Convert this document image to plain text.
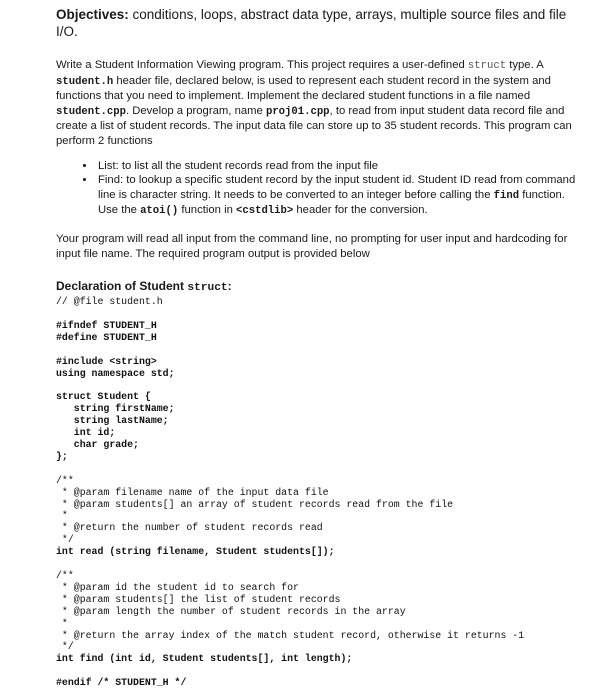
Objectives: conditions, loops, abstract data type, arrays, multiple source files and file I/O.

Write a Student Information Viewing program. This project requires a user-defined struct type. A student.h header file, declared below, is used to represent each student record in the system and functions that you need to implement. Implement the declared student functions in a file named student.cpp. Develop a program, name proj01.cpp, to read from input student data record file and create a list of student records. The input data file can store up to 35 student records. This program can perform 2 functions

• List: to list all the student records read from the input file
• Find: to lookup a specific student record by the input student id. Student ID read from command line is character string. It needs to be converted to an integer before calling the find function. Use the atoi() function in <cstdlib> header for the conversion.

Your program will read all input from the command line, no prompting for user input and hardcoding for input file name. The required program output is provided below

Declaration of Student struct:
// @file student.h

#ifndef STUDENT_H
#define STUDENT_H

#include <string>
using namespace std;

struct Student {
string firstName;
string lastName;
int id;
char grade;
};

/**
* @param filename name of the input data file
* @param students[] an array of student records read from the file
*
* @return the number of student records read
*/
int read (string filename, Student students[]);

/**
* @param id the student id to search for
* @param students[] the list of student records
* @param length the number of student records in the array
*
* @return the array index of the match student record, otherwise it returns -1
*/
int find (int id, Student students[], int length);

#endif /* STUDENT_H */
